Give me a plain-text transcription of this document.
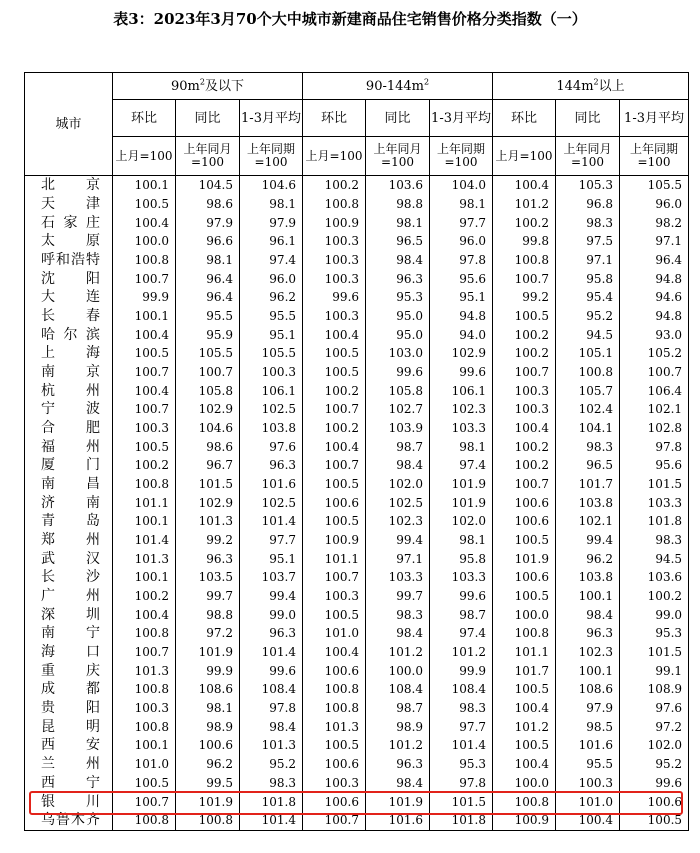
表3：2023年3月70个大中城市新建商品住宅销售价格分类指数（一）
城市	$90m^2$及以下			$90-144m^2$			$144m^2$以上		
	环比	同比	1-3月平均	环比	同比	1-3月平均	环比	同比	1-3月平均
	上月=100	上年同月=100	上年同期=100	上月=100	上年同月=100	上年同期=100	上月=100	上年同月=100	上年同期=100
北京	100.1	104.5	104.6	100.2	103.6	104.0	100.4	105.3	105.5
天津	100.5	98.6	98.1	100.8	98.8	98.1	101.2	96.8	96.0
石家庄	100.4	97.9	97.9	100.9	98.1	97.7	100.2	98.3	98.2
太原	100.0	96.6	96.1	100.3	96.5	96.0	99.8	97.5	97.1
呼和浩特	100.8	98.1	97.4	100.3	98.4	97.8	100.8	97.1	96.4
沈阳	100.7	96.4	96.0	100.3	96.3	95.6	100.7	95.8	94.8
大连	99.9	96.4	96.2	99.6	95.3	95.1	99.2	95.4	94.6
长春	100.1	95.5	95.5	100.3	95.0	94.8	100.5	95.2	94.8
哈尔滨	100.4	95.9	95.1	100.4	95.0	94.0	100.2	94.5	93.0
上海	100.5	105.5	105.5	100.5	103.0	102.9	100.2	105.1	105.2
南京	100.7	100.7	100.3	100.5	99.6	99.6	100.7	100.8	100.7
杭州	100.4	105.8	106.1	100.2	105.8	106.1	100.3	105.7	106.4
宁波	100.7	102.9	102.5	100.7	102.7	102.3	100.3	102.4	102.1
合肥	100.3	104.6	103.8	100.2	103.9	103.3	100.4	104.1	102.8
福州	100.5	98.6	97.6	100.4	98.7	98.1	100.2	98.3	97.8
厦门	100.2	96.7	96.3	100.7	98.4	97.4	100.2	96.5	95.6
南昌	100.8	101.5	101.6	100.5	102.0	101.9	100.7	101.7	101.5
济南	101.1	102.9	102.5	100.6	102.5	101.9	100.6	103.8	103.3
青岛	100.1	101.3	101.4	100.5	102.3	102.0	100.6	102.1	101.8
郑州	101.4	99.2	97.7	100.9	99.4	98.1	100.5	99.4	98.3
武汉	101.3	96.3	95.1	101.1	97.1	95.8	101.9	96.2	94.5
长沙	100.1	103.5	103.7	100.7	103.3	103.3	100.6	103.8	103.6
广州	100.2	99.7	99.4	100.3	99.7	99.6	100.5	100.1	100.2
深圳	100.4	98.8	99.0	100.5	98.3	98.7	100.0	98.4	99.0
南宁	100.8	97.2	96.3	101.0	98.4	97.4	100.8	96.3	95.3
海口	100.7	101.9	101.4	100.4	101.2	101.2	101.1	102.3	101.5
重庆	101.3	99.9	99.6	100.6	100.0	99.9	101.7	100.1	99.1
成都	100.8	108.6	108.4	100.8	108.4	108.4	100.5	108.6	108.9
贵阳	100.3	98.1	97.8	100.8	98.7	98.3	100.4	97.9	97.6
昆明	100.8	98.9	98.4	101.3	98.9	97.7	101.2	98.5	97.2
西安	100.1	100.6	101.3	100.5	101.2	101.4	100.5	101.6	102.0
兰州	101.0	96.2	95.2	100.6	96.3	95.3	100.4	95.5	95.2
西宁	100.5	99.5	98.3	100.3	98.4	97.8	100.0	100.3	99.6
银川	100.7	101.9	101.8	100.6	101.9	101.5	100.8	101.0	100.6
乌鲁木齐	100.8	100.8	101.4	100.7	101.6	101.8	100.9	100.4	100.5
